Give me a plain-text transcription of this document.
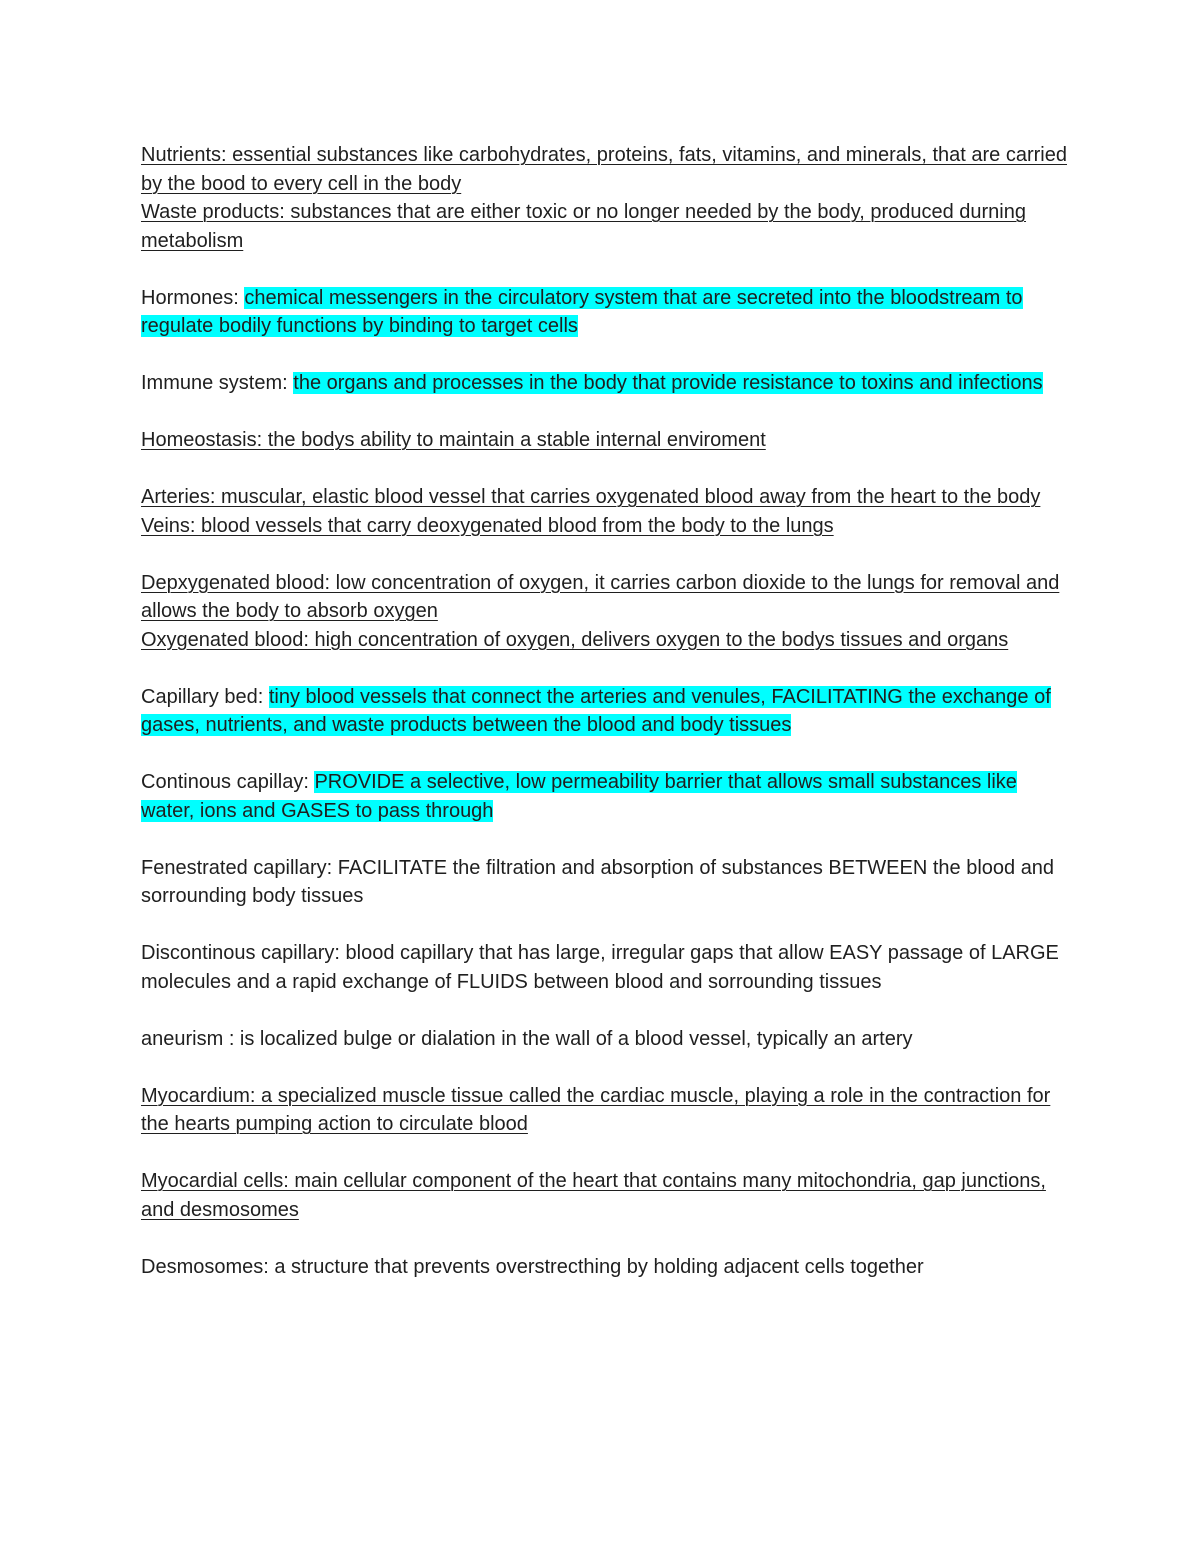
Nutrients: essential substances like carbohydrates, proteins, fats, vitamins, and minerals, that are carried by the bood to every cell in the body

Waste products: substances that are either toxic or no longer needed by the body, produced durning metabolism

Hormones: chemical messengers in the circulatory system that are secreted into the bloodstream to regulate bodily functions by binding to target cells

Immune system: the organs and processes in the body that provide resistance to toxins and infections

Homeostasis: the bodys ability to maintain a stable internal enviroment

Arteries: muscular, elastic blood vessel that carries oxygenated blood away from the heart to the body

Veins: blood vessels that carry deoxygenated blood from the body to the lungs

Depxygenated blood: low concentration of oxygen, it carries carbon dioxide to the lungs for removal and allows the body to absorb oxygen

Oxygenated blood: high concentration of oxygen, delivers oxygen to the bodys tissues and organs

Capillary bed: tiny blood vessels that connect the arteries and venules, FACILITATING the exchange of gases, nutrients, and waste products between the blood and body tissues

Continous capillay: PROVIDE a selective, low permeability barrier that allows small substances like water, ions and GASES to pass through

Fenestrated capillary: FACILITATE the filtration and absorption of substances BETWEEN the blood and sorrounding body tissues

Discontinous capillary: blood capillary that has large, irregular gaps that allow EASY passage of LARGE molecules and a rapid exchange of FLUIDS between blood and sorrounding tissues

aneurism : is localized bulge or dialation in the wall of a blood vessel, typically an artery

Myocardium: a specialized muscle tissue called the cardiac muscle, playing a role in the contraction for the hearts pumping action to circulate blood

Myocardial cells: main cellular component of the heart that contains many mitochondria, gap junctions, and desmosomes

Desmosomes: a structure that prevents overstrecthing by holding adjacent cells together
